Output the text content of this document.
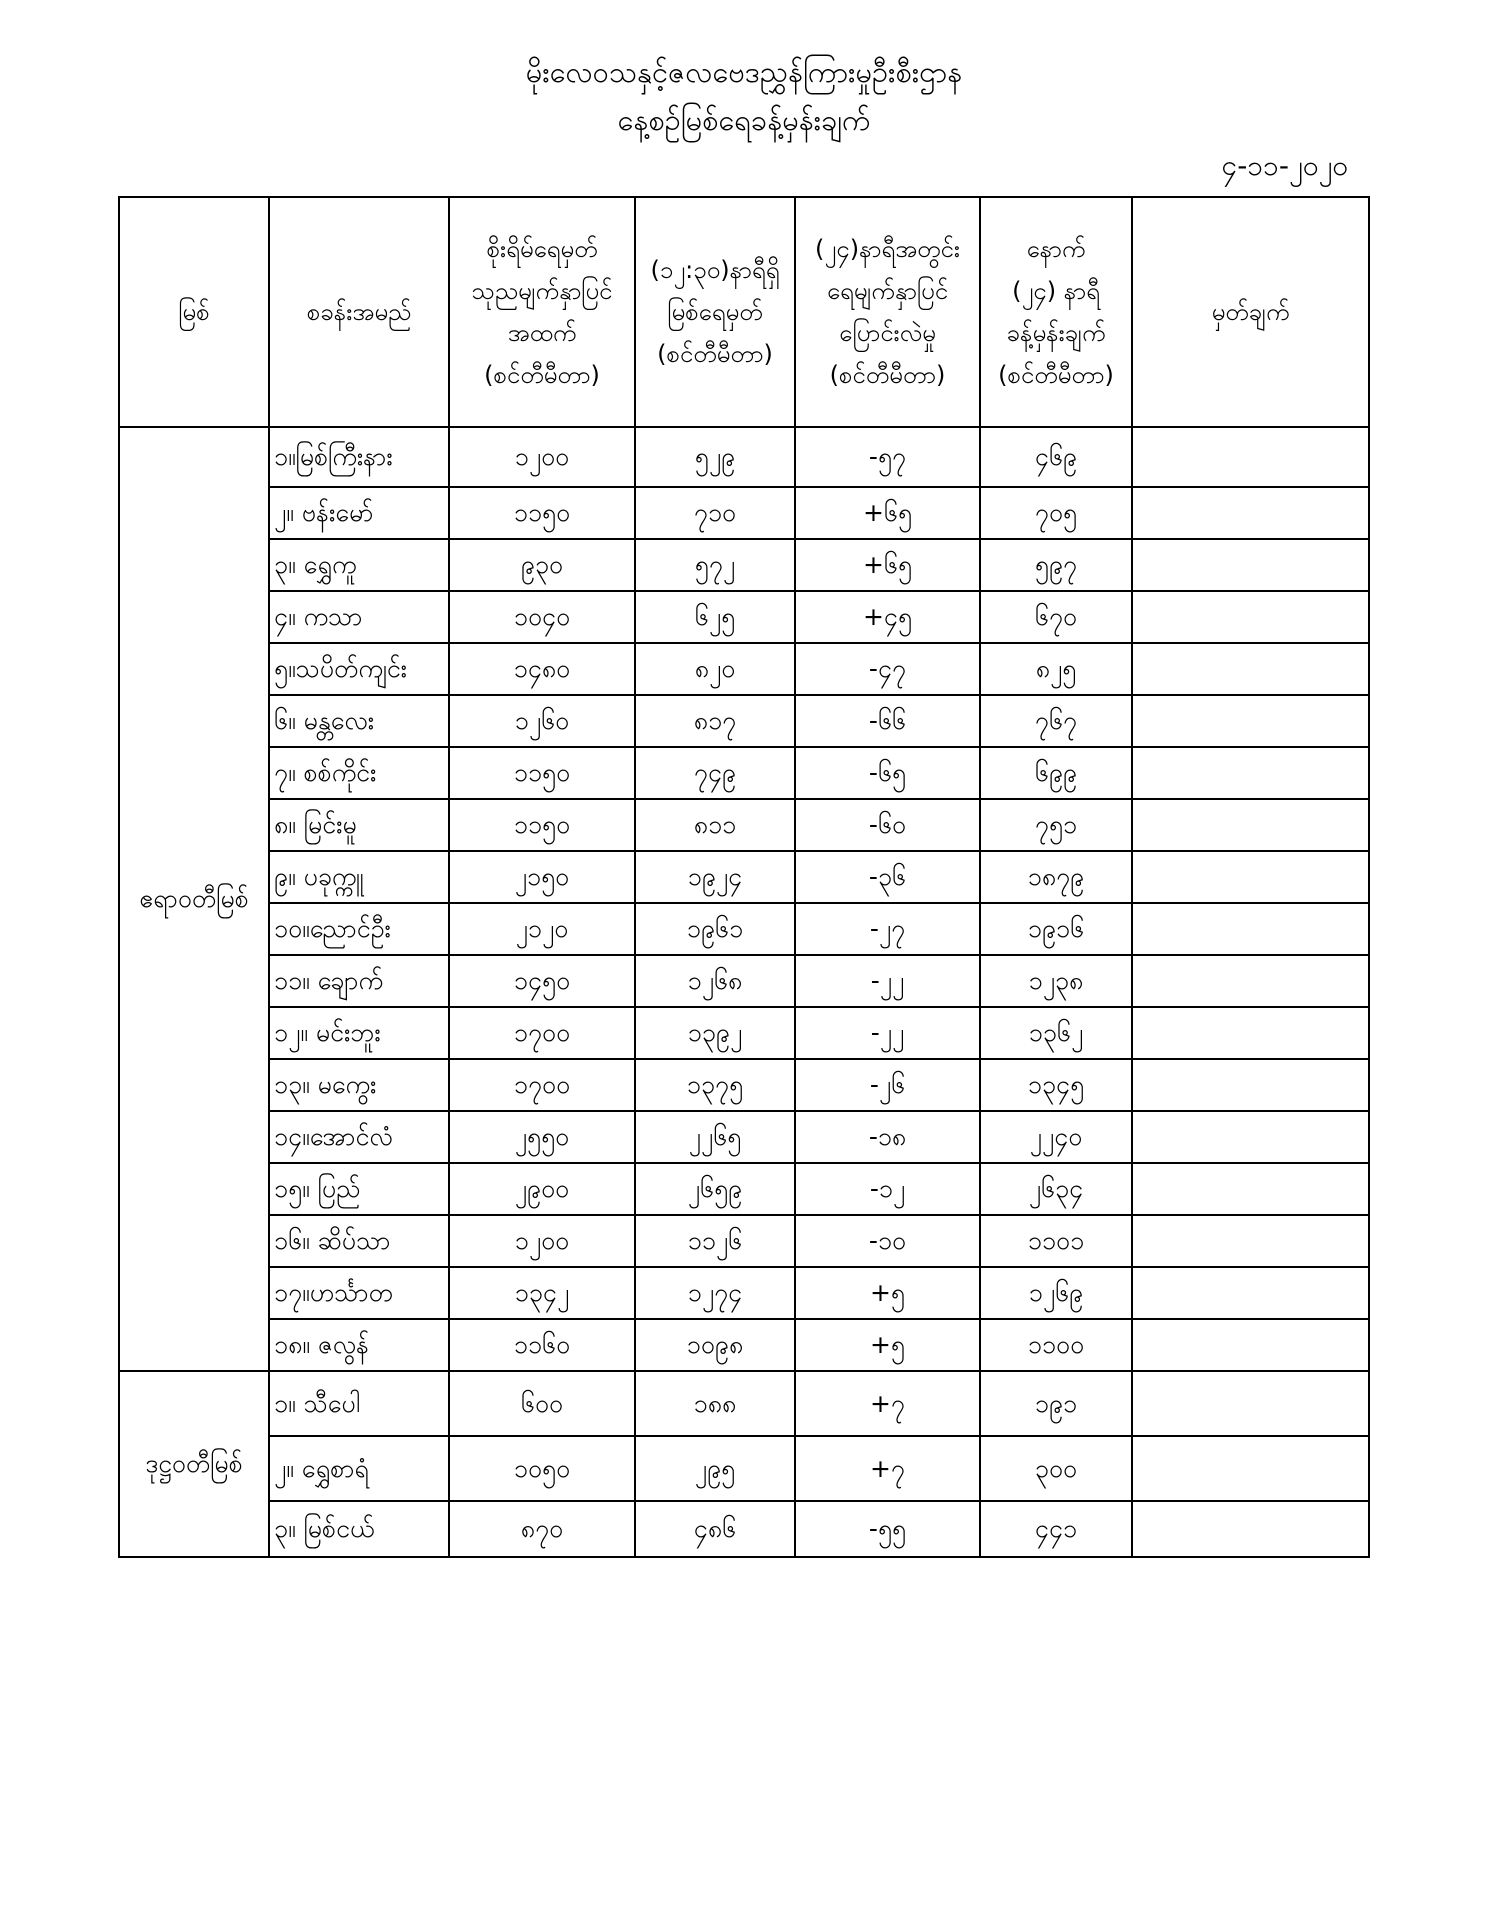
မိုးလေဝသနှင့်ဇလဗေဒညွှန်ကြားမှုဦးစီးဌာန
နေ့စဉ်မြစ်ရေခန့်မှန်းချက်
၄-၁၁-၂၀၂၀
မြစ်	စခန်းအမည်	စိုးရိမ်ရေမှတ်
သုညမျက်နှာပြင်
အထက်
(စင်တီမီတာ)	(၁၂:၃၀)နာရီရှိ
မြစ်ရေမှတ်
(စင်တီမီတာ)	(၂၄)နာရီအတွင်း
ရေမျက်နှာပြင်
ပြောင်းလဲမှု
(စင်တီမီတာ)	နောက်
(၂၄) နာရီ
ခန့်မှန်းချက်
(စင်တီမီတာ)	မှတ်ချက်

ဧရာဝတီမြစ်	၁။မြစ်ကြီးနား	၁၂၀၀	၅၂၉	-၅၇	၄၆၉	
	၂။ ဗန်းမော်	၁၁၅၀	၇၁၀	+၆၅	၇၀၅	
	၃။ ရွှေကူ	၉၃၀	၅၇၂	+၆၅	၅၉၇	
	၄။ ကသာ	၁၀၄၀	၆၂၅	+၄၅	၆၇၀	
	၅။သပိတ်ကျင်း	၁၄၈၀	၈၂၀	-၄၇	၈၂၅	
	၆။ မန္တလေး	၁၂၆၀	၈၁၇	-၆၆	၇၆၇	
	၇။ စစ်ကိုင်း	၁၁၅၀	၇၄၉	-၆၅	၆၉၉	
	၈။ မြင်းမူ	၁၁၅၀	၈၁၁	-၆၀	၇၅၁	
	၉။ ပခုက္ကူ	၂၁၅၀	၁၉၂၄	-၃၆	၁၈၇၉	
	၁၀။ညောင်ဦး	၂၁၂၀	၁၉၆၁	-၂၇	၁၉၁၆	
	၁၁။ ချောက်	၁၄၅၀	၁၂၆၈	-၂၂	၁၂၃၈	
	၁၂။ မင်းဘူး	၁၇၀၀	၁၃၉၂	-၂၂	၁၃၆၂	
	၁၃။ မကွေး	၁၇၀၀	၁၃၇၅	-၂၆	၁၃၄၅	
	၁၄။အောင်လံ	၂၅၅၀	၂၂၆၅	-၁၈	၂၂၄၀	
	၁၅။ ပြည်	၂၉၀၀	၂၆၅၉	-၁၂	၂၆၃၄	
	၁၆။ ဆိပ်သာ	၁၂၀၀	၁၁၂၆	-၁၀	၁၁၀၁	
	၁၇။ဟင်္သာတ	၁၃၄၂	၁၂၇၄	+၅	၁၂၆၉	
	၁၈။ ဇလွန်	၁၁၆၀	၁၀၉၈	+၅	၁၁၀၀	
ဒုဋ္ဌဝတီမြစ်	၁။ သီပေါ	၆၀၀	၁၈၈	+၇	၁၉၁	
	၂။ ရွှေစာရံ	၁၀၅၀	၂၉၅	+၇	၃၀၀	
	၃။ မြစ်ငယ်	၈၇၀	၄၈၆	-၅၅	၄၄၁	
